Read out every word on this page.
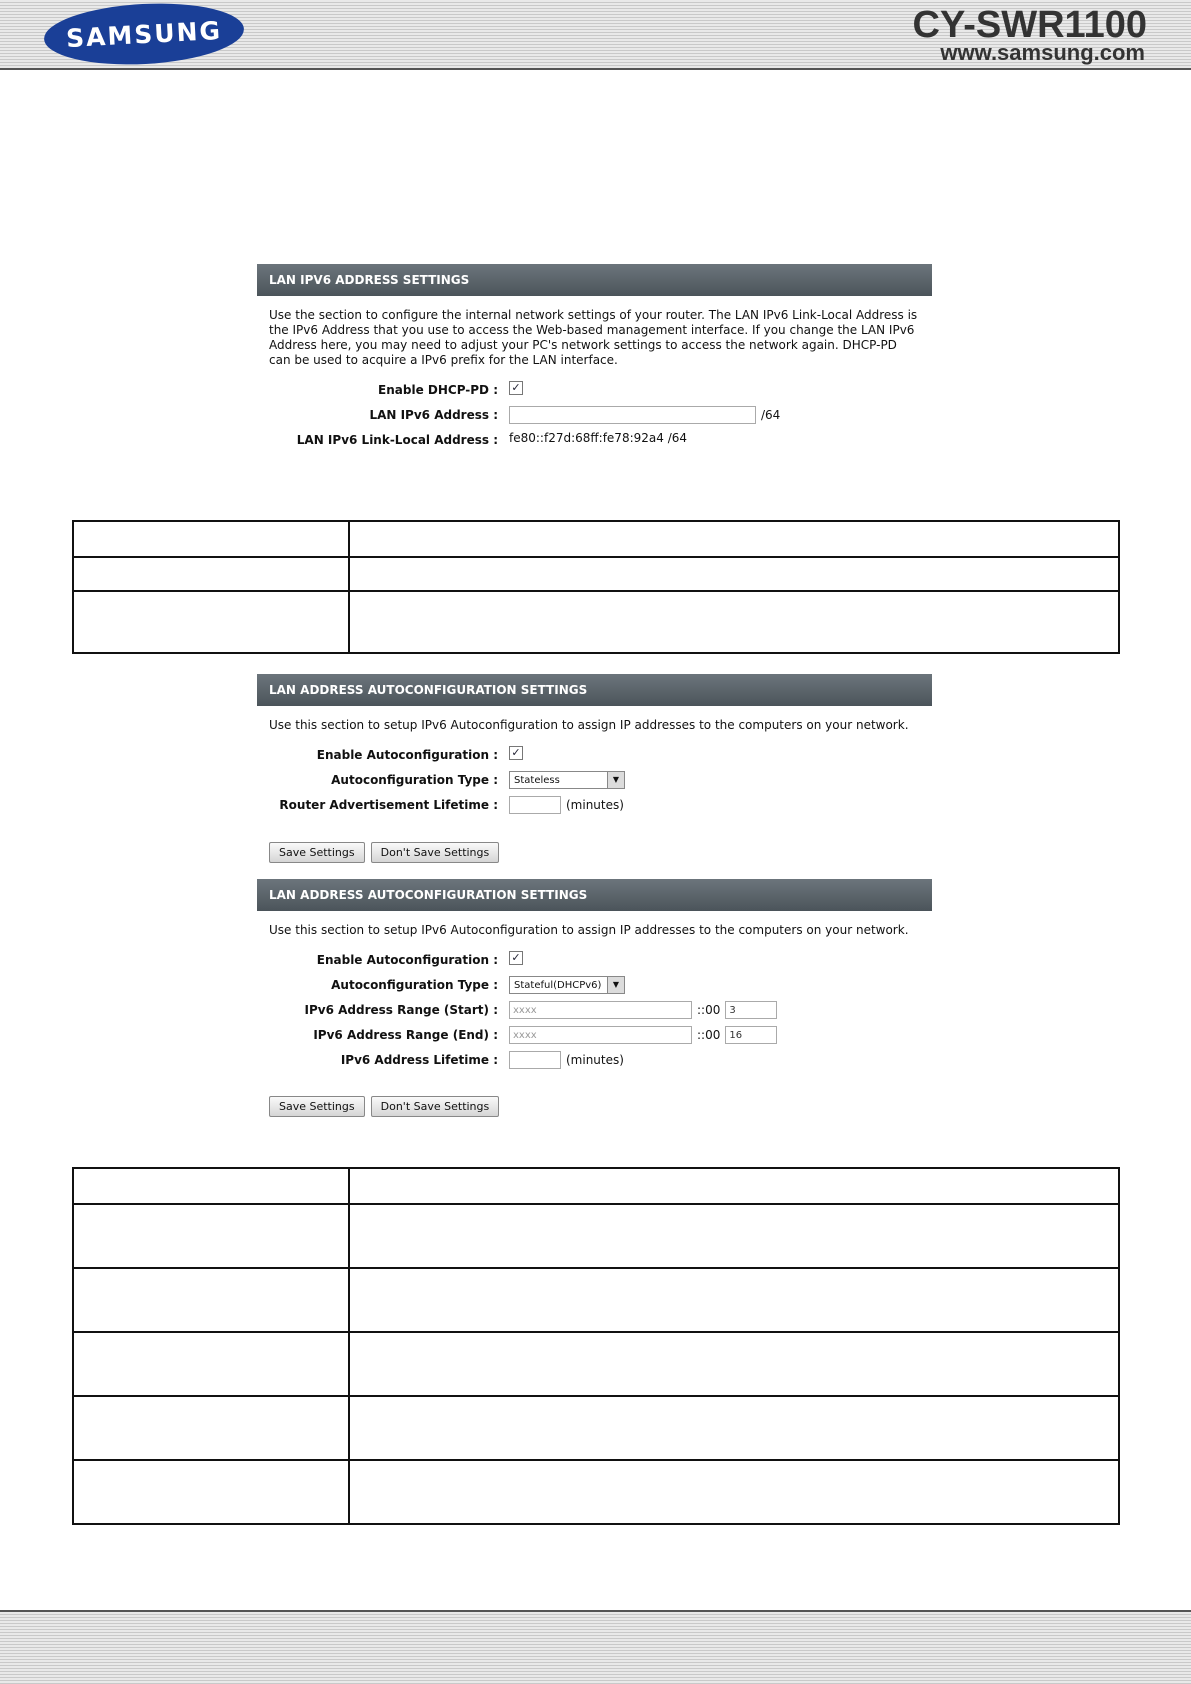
SAMSUNG	CY-SWR1100
www.samsung.com
LAN IPV6 ADDRESS SETTINGS
Use the section to configure the internal network settings of your router. The LAN IPv6 Link-Local Address is the IPv6 Address that you use to access the Web-based management interface. If you change the LAN IPv6 Address here, you may need to adjust your PC's network settings to access the network again. DHCP-PD can be used to acquire a IPv6 prefix for the LAN interface.
Enable DHCP-PD : ✓
LAN IPv6 Address :	/64
LAN IPv6 Link-Local Address : fe80::f27d:68ff:fe78:92a4 /64

LAN ADDRESS AUTOCONFIGURATION SETTINGS
Use this section to setup IPv6 Autoconfiguration to assign IP addresses to the computers on your network.
Enable Autoconfiguration : ✓
Autoconfiguration Type :	Stateless	▼
Router Advertisement Lifetime :	(minutes)
Save Settings	Don't Save Settings
LAN ADDRESS AUTOCONFIGURATION SETTINGS
Use this section to setup IPv6 Autoconfiguration to assign IP addresses to the computers on your network.
Enable Autoconfiguration : ✓
Autoconfiguration Type :	Stateful(DHCPv6)	▼
IPv6 Address Range (Start) :	xxxx	::00 3
IPv6 Address Range (End) :	xxxx	::00 16
IPv6 Address Lifetime :	(minutes)
Save Settings	Don't Save Settings
